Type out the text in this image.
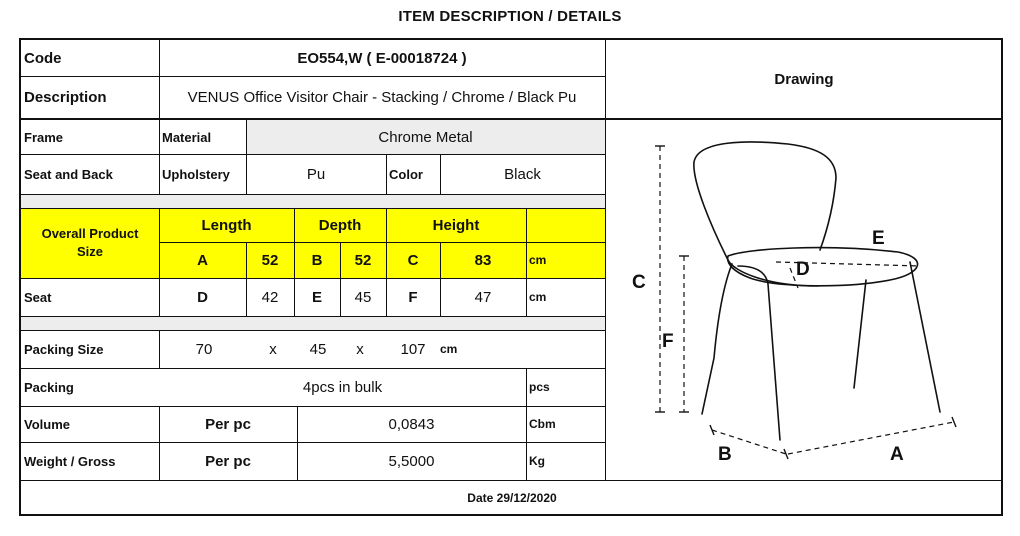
ITEM DESCRIPTION / DETAILS
Code	EO554,W ( E-00018724 )
Description	VENUS Office Visitor Chair - Stacking / Chrome / Black Pu
Drawing
Frame	Material	Chrome Metal
Seat and Back	Upholstery	Pu	Color	Black
Overall Product Size
Length	Depth	Height
A	52	B	52	C	83	cm
Seat	D	42	E	45	F	47	cm
Packing Size	70	x	45	x	107	cm
Packing	4pcs in bulk	pcs
Volume	Per pc	0,0843	Cbm
Weight / Gross	Per pc	5,5000	Kg
Date 29/12/2020
C
F
D
E
B	A
